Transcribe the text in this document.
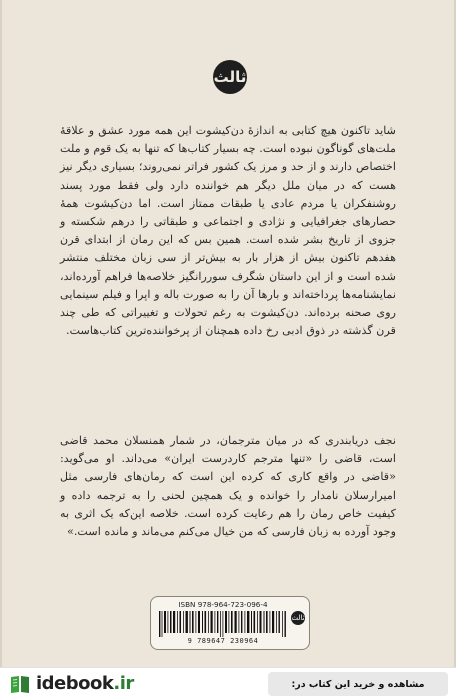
ثالث
شاید تاکنون هیچ کتابی به اندازهٔ دن‌کیشوت این همه مورد عشق و علاقهٔ ملت‌های گوناگون نبوده است. چه بسیار کتاب‌ها که تنها به یک قوم و ملت اختصاص دارند و از حد و مرز یک کشور فراتر نمی‌روند؛ بسیاری دیگر نیز هست که در میان ملل دیگر هم خواننده دارد ولی فقط مورد پسند روشنفکران یا مردم عادی یا طبقات ممتاز است. اما دن‌کیشوت همهٔ حصارهای جغرافیایی و نژادی و اجتماعی و طبقاتی را درهم شکسته و جزوی از تاریخ بشر شده است. همین بس که این رمان از ابتدای قرن هفدهم تاکنون بیش از هزار بار به بیش‌تر از سی زبان مختلف منتشر شده است و از این داستان شگرف سوررانگیز خلاصه‌ها فراهم آورده‌اند، نمایشنامه‌ها پرداخته‌اند و بارها آن را به صورت باله و اپرا و فیلم سینمایی روی صحنه برده‌اند. دن‌کیشوت به رغم تحولات و تغییراتی که طی چند قرن گذشته در ذوق ادبی رخ داده همچنان از پرخواننده‌ترین کتاب‌هاست.
نجف دریابندری که در میان مترجمان، در شمار همنسلان محمد قاضی است، قاضی را «تنها مترجم کاردرست ایران» می‌داند. او می‌گوید: «قاضی در واقع کاری که کرده این است که رمان‌های فارسی مثل امیرارسلان نامدار را خوانده و یک همچین لحنی را به ترجمه داده و کیفیت خاص رمان را هم رعایت کرده است. خلاصه این‌که یک اثری به وجود آورده به زبان فارسی که من خیال می‌کنم می‌ماند و مانده است.»
ISBN 978-964-723-096-4
9 789647 230964
ثالث
idebook.ir	مشاهده و خرید این کتاب در:
